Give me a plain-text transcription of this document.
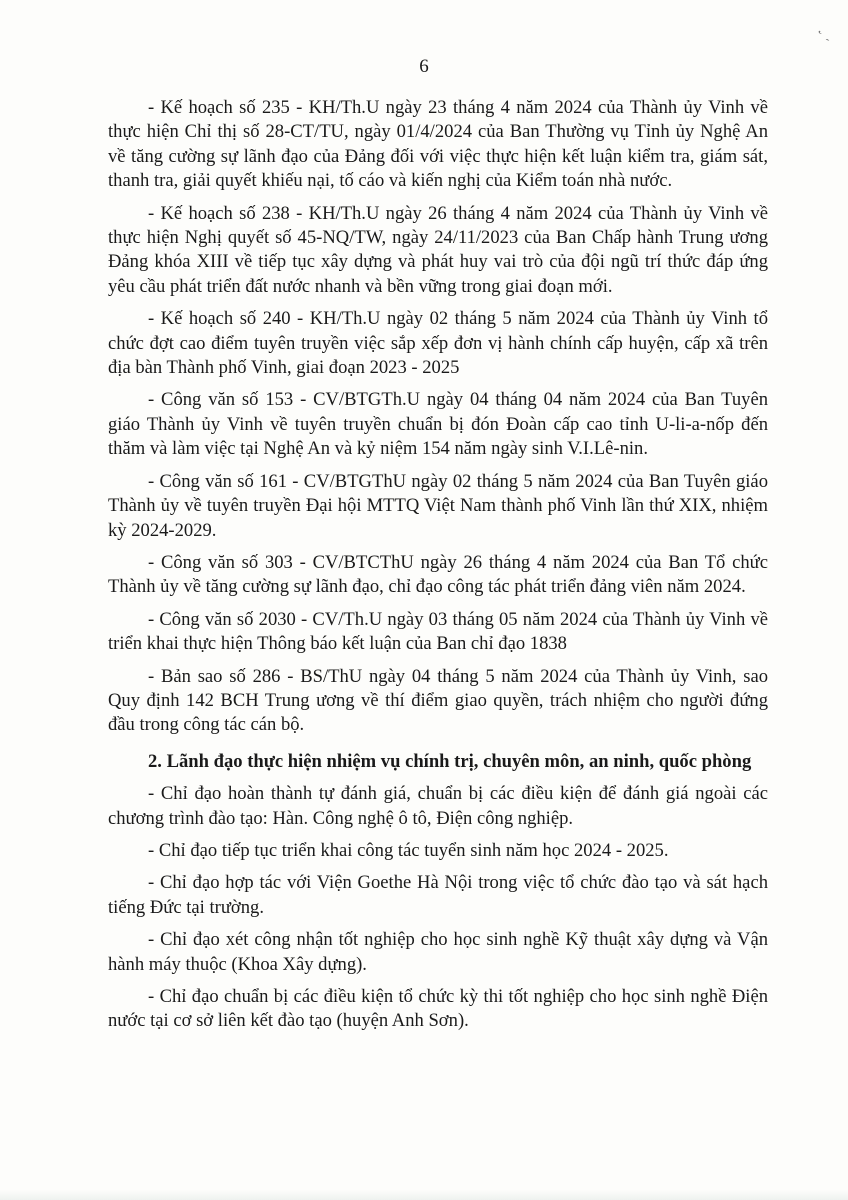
ʽˎ
6

- Kế hoạch số 235 - KH/Th.U ngày 23 tháng 4 năm 2024 của Thành ủy Vinh về thực hiện Chỉ thị số 28-CT/TU, ngày 01/4/2024 của Ban Thường vụ Tỉnh ủy Nghệ An về tăng cường sự lãnh đạo của Đảng đối với việc thực hiện kết luận kiểm tra, giám sát, thanh tra, giải quyết khiếu nại, tố cáo và kiến nghị của Kiểm toán nhà nước.

- Kế hoạch số 238 - KH/Th.U ngày 26 tháng 4 năm 2024 của Thành ủy Vinh về thực hiện Nghị quyết số 45-NQ/TW, ngày 24/11/2023 của Ban Chấp hành Trung ương Đảng khóa XIII về tiếp tục xây dựng và phát huy vai trò của đội ngũ trí thức đáp ứng yêu cầu phát triển đất nước nhanh và bền vững trong giai đoạn mới.

- Kế hoạch số 240 - KH/Th.U ngày 02 tháng 5 năm 2024 của Thành ủy Vinh tổ chức đợt cao điểm tuyên truyền việc sắp xếp đơn vị hành chính cấp huyện, cấp xã trên địa bàn Thành phố Vinh, giai đoạn 2023 - 2025

- Công văn số 153 - CV/BTGTh.U ngày 04 tháng 04 năm 2024 của Ban Tuyên giáo Thành ủy Vinh về tuyên truyền chuẩn bị đón Đoàn cấp cao tỉnh U-li-a-nốp đến thăm và làm việc tại Nghệ An và kỷ niệm 154 năm ngày sinh V.I.Lê-nin.

- Công văn số 161 - CV/BTGThU ngày 02 tháng 5 năm 2024 của Ban Tuyên giáo Thành ủy về tuyên truyền Đại hội MTTQ Việt Nam thành phố Vinh lần thứ XIX, nhiệm kỳ 2024-2029.

- Công văn số 303 - CV/BTCThU ngày 26 tháng 4 năm 2024 của Ban Tổ chức Thành ủy về tăng cường sự lãnh đạo, chỉ đạo công tác phát triển đảng viên năm 2024.

- Công văn số 2030 - CV/Th.U ngày 03 tháng 05 năm 2024 của Thành ủy Vinh về triển khai thực hiện Thông báo kết luận của Ban chỉ đạo 1838

- Bản sao số 286 - BS/ThU ngày 04 tháng 5 năm 2024 của Thành ủy Vinh, sao Quy định 142 BCH Trung ương về thí điểm giao quyền, trách nhiệm cho người đứng đầu trong công tác cán bộ.

2. Lãnh đạo thực hiện nhiệm vụ chính trị, chuyên môn, an ninh, quốc phòng

- Chỉ đạo hoàn thành tự đánh giá, chuẩn bị các điều kiện để đánh giá ngoài các chương trình đào tạo: Hàn. Công nghệ ô tô, Điện công nghiệp.

- Chỉ đạo tiếp tục triển khai công tác tuyển sinh năm học 2024 - 2025.

- Chỉ đạo hợp tác với Viện Goethe Hà Nội trong việc tổ chức đào tạo và sát hạch tiếng Đức tại trường.

- Chỉ đạo xét công nhận tốt nghiệp cho học sinh nghề Kỹ thuật xây dựng và Vận hành máy thuộc (Khoa Xây dựng).

- Chỉ đạo chuẩn bị các điều kiện tổ chức kỳ thi tốt nghiệp cho học sinh nghề Điện nước tại cơ sở liên kết đào tạo (huyện Anh Sơn).
